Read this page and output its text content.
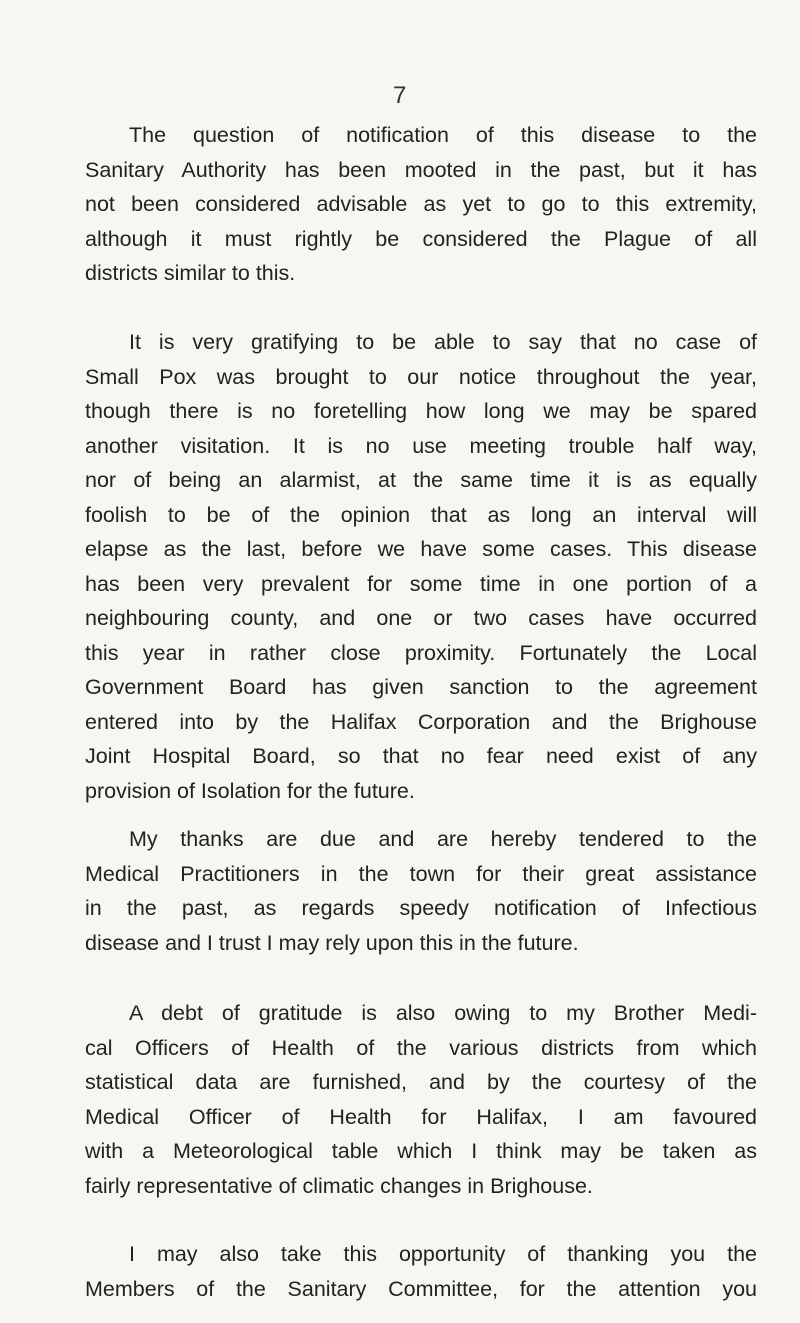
7
The question of notification of this disease to the
Sanitary Authority has been mooted in the past, but it has
not been considered advisable as yet to go to this extremity,
although it must rightly be considered the Plague of all
districts similar to this.
It is very gratifying to be able to say that no case of
Small Pox was brought to our notice throughout the year,
though there is no foretelling how long we may be spared
another visitation. It is no use meeting trouble half way,
nor of being an alarmist, at the same time it is as equally
foolish to be of the opinion that as long an interval will
elapse as the last, before we have some cases. This disease
has been very prevalent for some time in one portion of a
neighbouring county, and one or two cases have occurred
this year in rather close proximity. Fortunately the Local
Government Board has given sanction to the agreement
entered into by the Halifax Corporation and the Brighouse
Joint Hospital Board, so that no fear need exist of any
provision of Isolation for the future.
My thanks are due and are hereby tendered to the
Medical Practitioners in the town for their great assistance
in the past, as regards speedy notification of Infectious
disease and I trust I may rely upon this in the future.
A debt of gratitude is also owing to my Brother Medi-
cal Officers of Health of the various districts from which
statistical data are furnished, and by the courtesy of the
Medical Officer of Health for Halifax, I am favoured
with a Meteorological table which I think may be taken as
fairly representative of climatic changes in Brighouse.
I may also take this opportunity of thanking you the
Members of the Sanitary Committee, for the attention you
